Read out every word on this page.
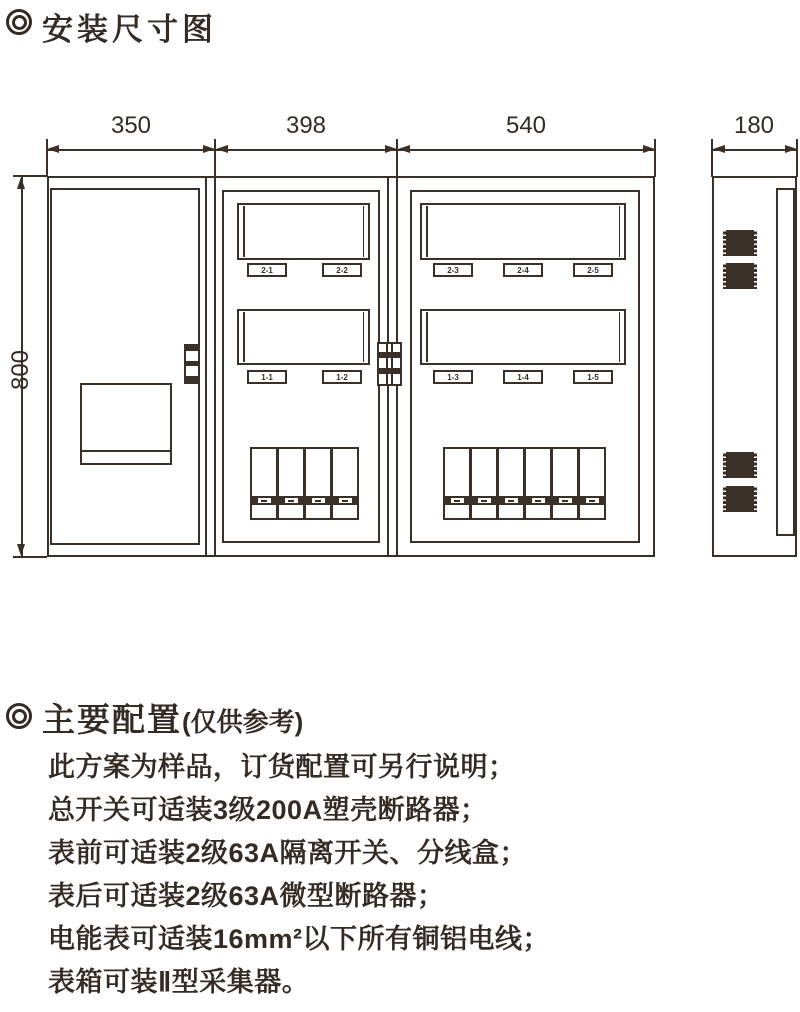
安装尺寸图
350	398	540	180
800
2-1	2-2
1-1	1-2
2-3	2-4	2-5
1-3	1-4	1-5
主要配置 (仅供参考)
此方案为样品，订货配置可另行说明；
总开关可适装3级200A塑壳断路器；
表前可适装2级63A隔离开关、分线盒；
表后可适装2级63A微型断路器；
电能表可适装16mm²以下所有铜铝电线；
表箱可装Ⅱ型采集器。
